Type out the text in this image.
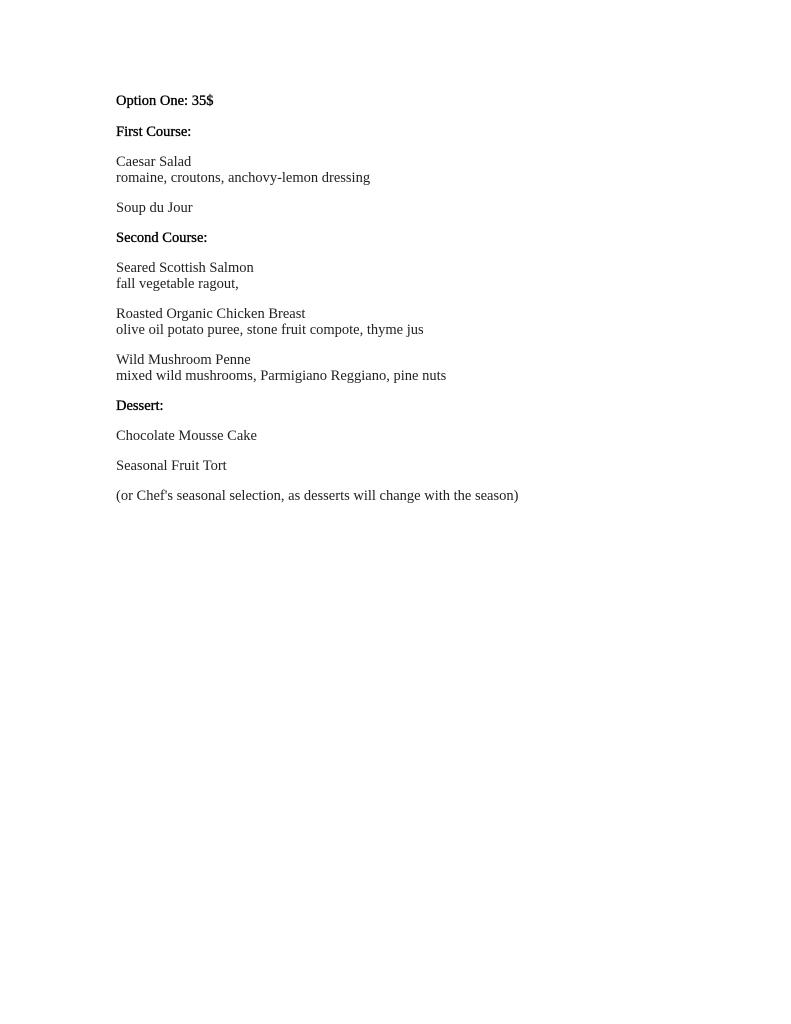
Option One: 35$
First Course:
Caesar Salad
romaine, croutons, anchovy-lemon dressing
Soup du Jour
Second Course:
Seared Scottish Salmon
fall vegetable ragout,
Roasted Organic Chicken Breast
olive oil potato puree, stone fruit compote, thyme jus
Wild Mushroom Penne
mixed wild mushrooms, Parmigiano Reggiano, pine nuts
Dessert:
Chocolate Mousse Cake
Seasonal Fruit Tort
(or Chef's seasonal selection, as desserts will change with the season)
